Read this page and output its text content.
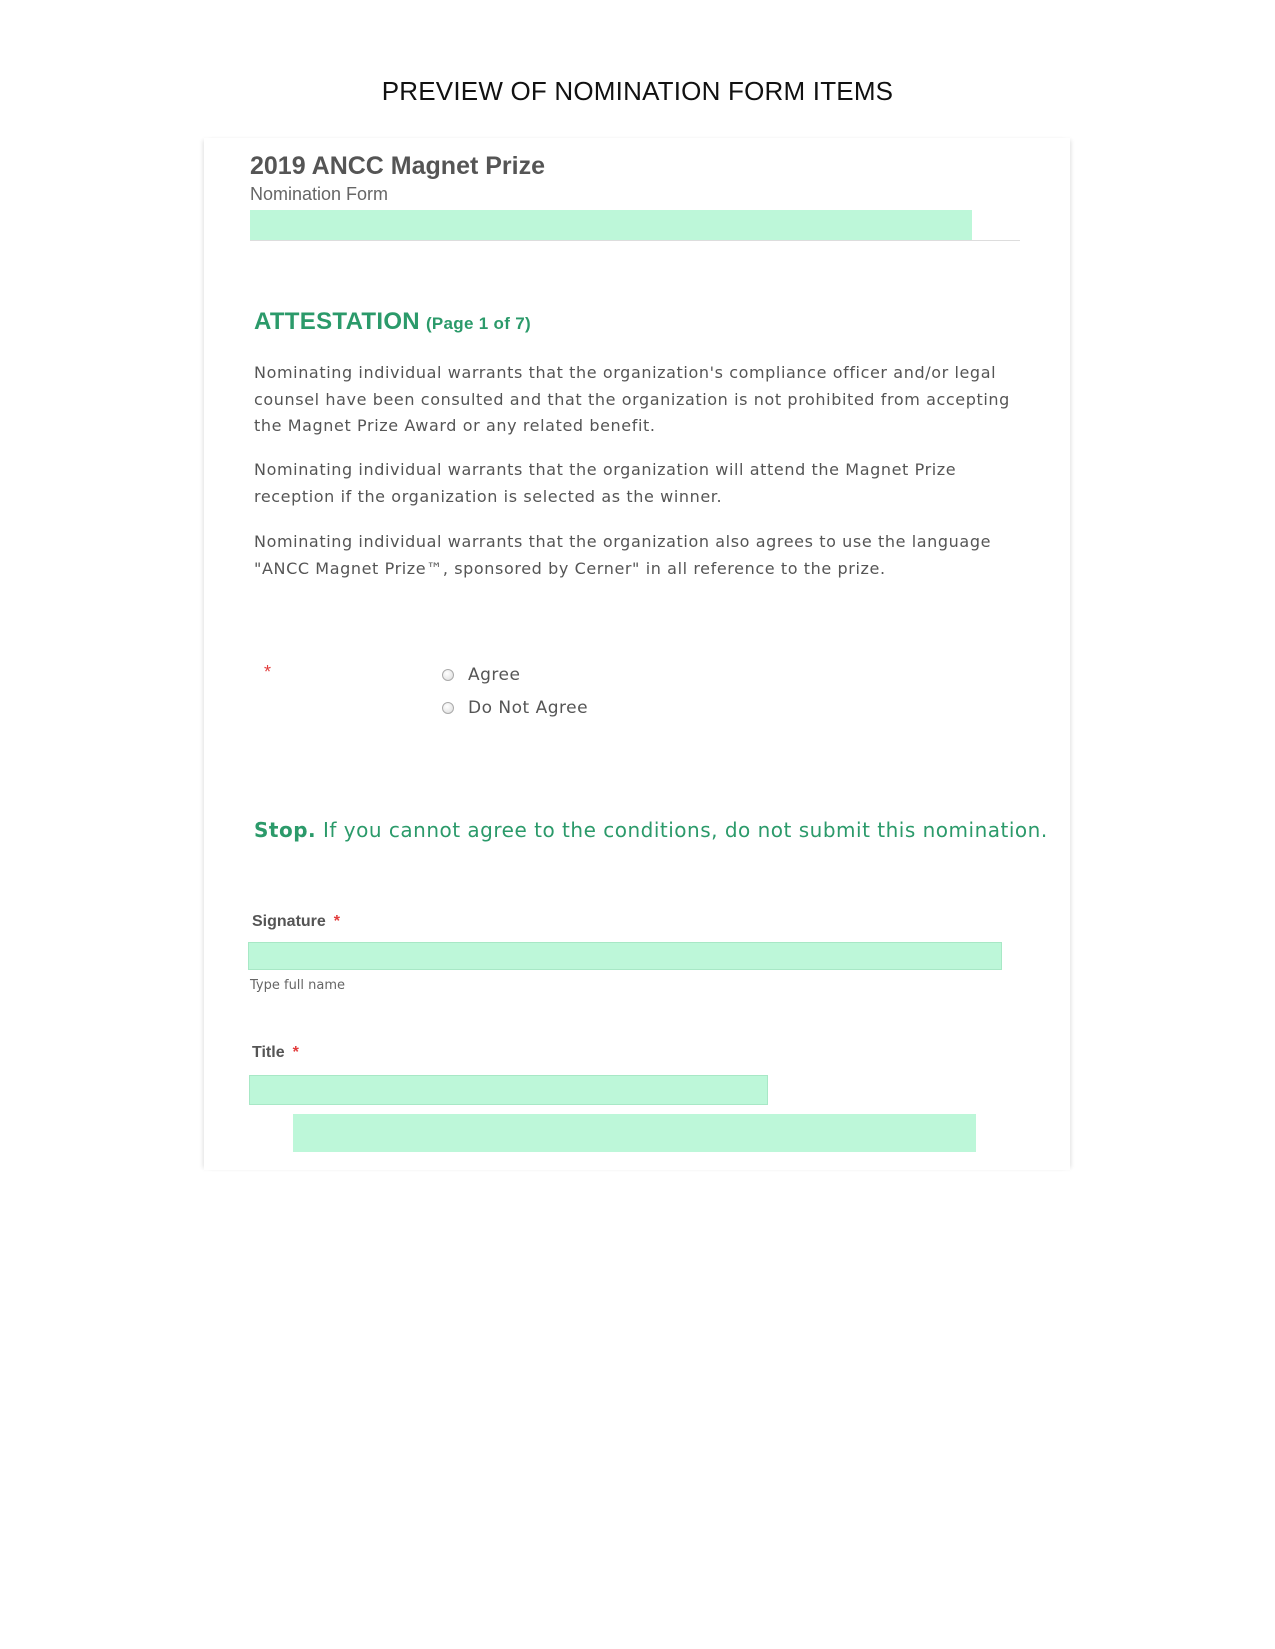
PREVIEW OF NOMINATION FORM ITEMS
2019 ANCC Magnet Prize
Nomination Form
ATTESTATION (Page 1 of 7)
Nominating individual warrants that the organization's compliance officer and/or legal counsel have been consulted and that the organization is not prohibited from accepting the Magnet Prize Award or any related benefit.
Nominating individual warrants that the organization will attend the Magnet Prize reception if the organization is selected as the winner.
Nominating individual warrants that the organization also agrees to use the language "ANCC Magnet Prize™, sponsored by Cerner" in all reference to the prize.
*	Agree
Do Not Agree
Stop. If you cannot agree to the conditions, do not submit this nomination.
Signature *
Type full name
Title *
